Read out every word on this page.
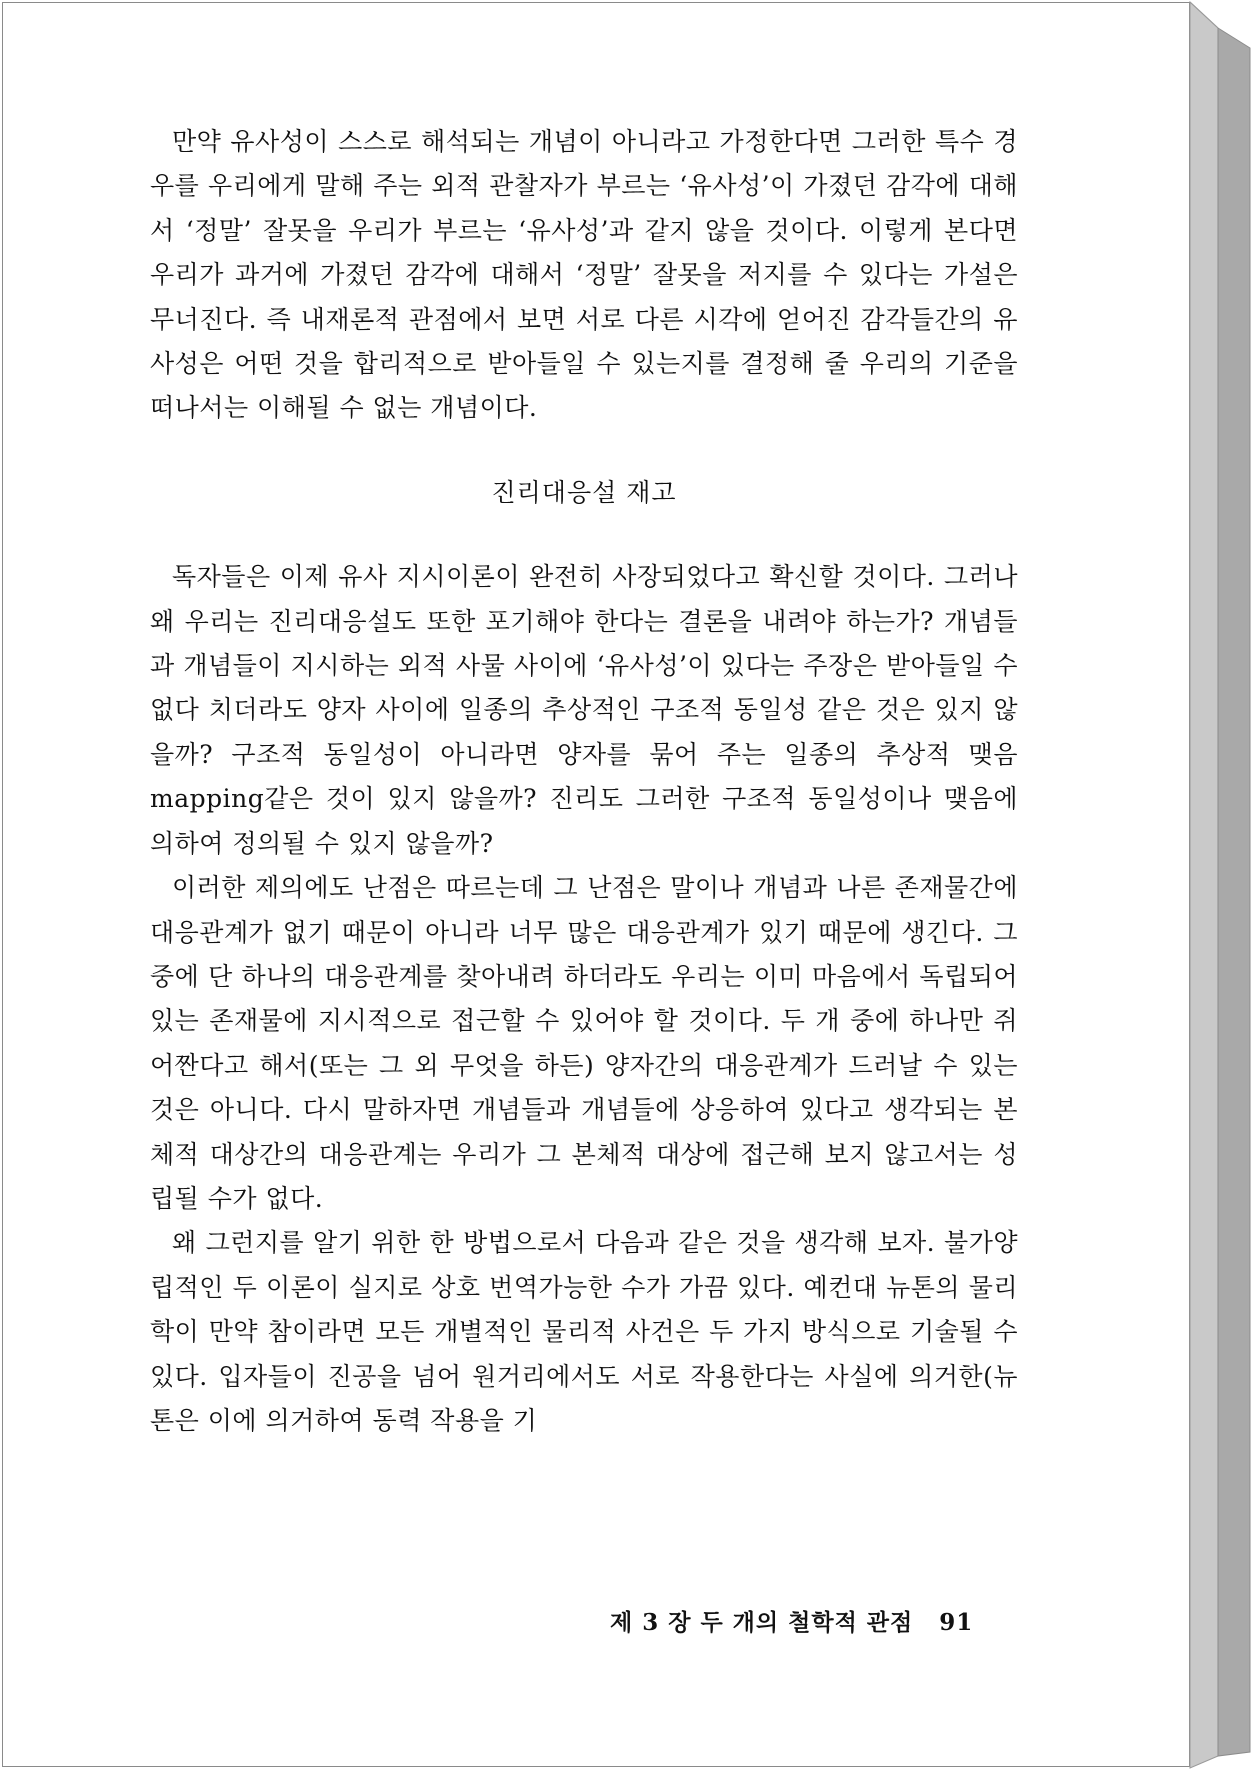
만약 유사성이 스스로 해석되는 개념이 아니라고 가정한다면 그러한 특수 경우를 우리에게 말해 주는 외적 관찰자가 부르는 ‘유사성’이 가졌던 감각에 대해서 ‘정말’ 잘못을 우리가 부르는 ‘유사성’과 같지 않을 것이다. 이렇게 본다면 우리가 과거에 가졌던 감각에 대해서 ‘정말’ 잘못을 저지를 수 있다는 가설은 무너진다. 즉 내재론적 관점에서 보면 서로 다른 시각에 얻어진 감각들간의 유사성은 어떤 것을 합리적으로 받아들일 수 있는지를 결정해 줄 우리의 기준을 떠나서는 이해될 수 없는 개념이다.

진리대응설 재고

독자들은 이제 유사 지시이론이 완전히 사장되었다고 확신할 것이다. 그러나 왜 우리는 진리대응설도 또한 포기해야 한다는 결론을 내려야 하는가? 개념들과 개념들이 지시하는 외적 사물 사이에 ‘유사성’이 있다는 주장은 받아들일 수 없다 치더라도 양자 사이에 일종의 추상적인 구조적 동일성 같은 것은 있지 않을까? 구조적 동일성이 아니라면 양자를 묶어 주는 일종의 추상적 맺음 mapping같은 것이 있지 않을까? 진리도 그러한 구조적 동일성이나 맺음에 의하여 정의될 수 있지 않을까?

이러한 제의에도 난점은 따르는데 그 난점은 말이나 개념과 나른 존재물간에 대응관계가 없기 때문이 아니라 너무 많은 대응관계가 있기 때문에 생긴다. 그 중에 단 하나의 대응관계를 찾아내려 하더라도 우리는 이미 마음에서 독립되어 있는 존재물에 지시적으로 접근할 수 있어야 할 것이다. 두 개 중에 하나만 쥐어짠다고 해서(또는 그 외 무엇을 하든) 양자간의 대응관계가 드러날 수 있는 것은 아니다. 다시 말하자면 개념들과 개념들에 상응하여 있다고 생각되는 본체적 대상간의 대응관계는 우리가 그 본체적 대상에 접근해 보지 않고서는 성립될 수가 없다.

왜 그런지를 알기 위한 한 방법으로서 다음과 같은 것을 생각해 보자. 불가양립적인 두 이론이 실지로 상호 번역가능한 수가 가끔 있다. 예컨대 뉴톤의 물리학이 만약 참이라면 모든 개별적인 물리적 사건은 두 가지 방식으로 기술될 수 있다. 입자들이 진공을 넘어 원거리에서도 서로 작용한다는 사실에 의거한(뉴톤은 이에 의거하여 동력 작용을 기

제 3 장 두 개의 철학적 관점 91
